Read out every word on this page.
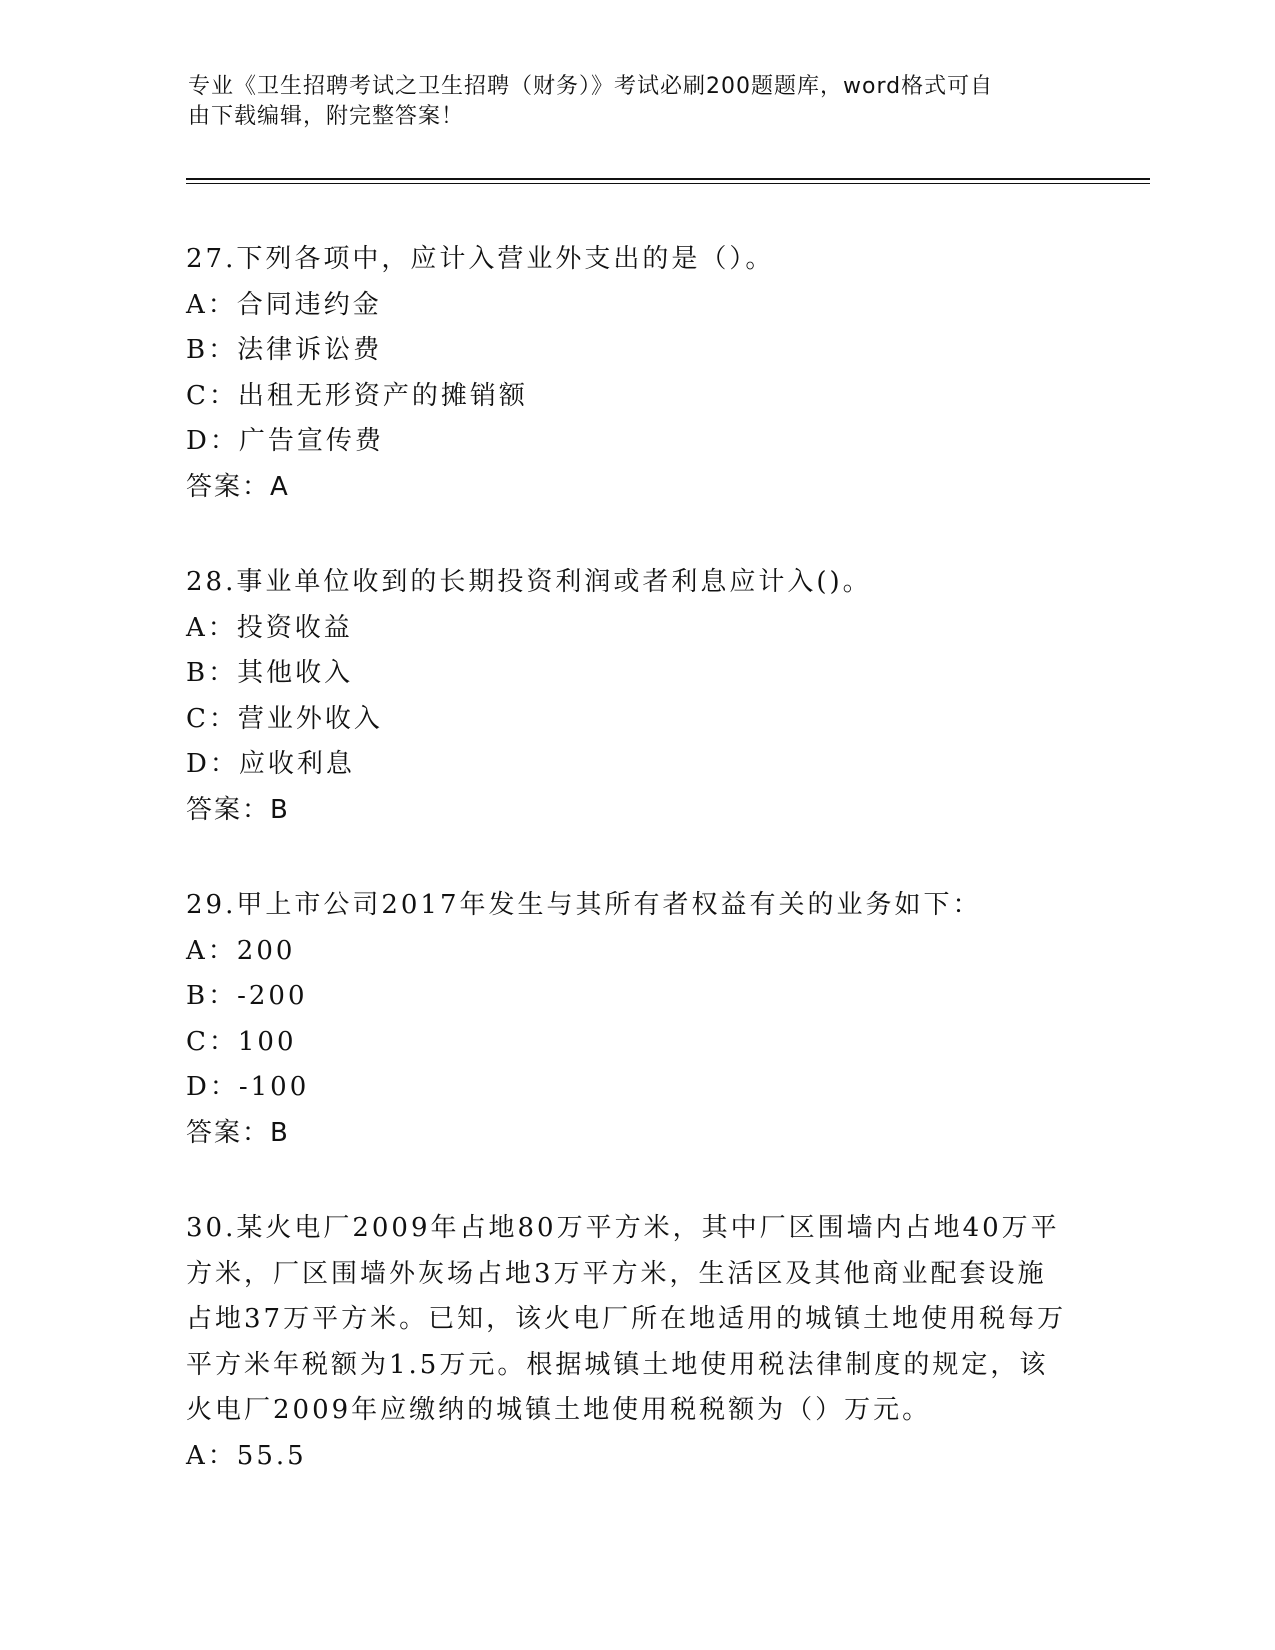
专业《卫生招聘考试之卫生招聘（财务）》考试必刷200题题库，word格式可自
由下载编辑，附完整答案！
27.下列各项中，应计入营业外支出的是（）。
A：合同违约金
B：法律诉讼费
C：出租无形资产的摊销额
D：广告宣传费
答案：A
28.事业单位收到的长期投资利润或者利息应计入()。
A：投资收益
B：其他收入
C：营业外收入
D：应收利息
答案：B
29.甲上市公司2017年发生与其所有者权益有关的业务如下：
A：200
B：-200
C：100
D：-100
答案：B
30.某火电厂2009年占地80万平方米，其中厂区围墙内占地40万平
方米，厂区围墙外灰场占地3万平方米，生活区及其他商业配套设施
占地37万平方米。已知，该火电厂所在地适用的城镇土地使用税每万
平方米年税额为1.5万元。根据城镇土地使用税法律制度的规定，该
火电厂2009年应缴纳的城镇土地使用税税额为（）万元。
A：55.5
